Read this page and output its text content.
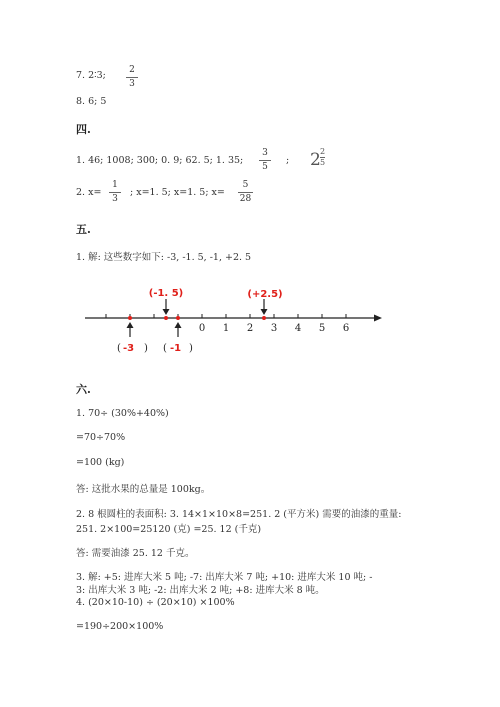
7. 2∶3;	2
3
8. 6; 5
四.
1. 46; 1008; 300; 0. 9; 62. 5; 1. 35;
3
5
; 2 2
5
2. x=
1
3
; x=1. 5; x=1. 5; x=
5
28
五.
1. 解: 这些数字如下: -3, -1. 5, -1, +2. 5
0 1 2 3 4 5 6
(-1. 5)	(+2.5)
( -3 ) ( -1 )
六.
1. 70÷ (30%+40%)
=70÷70%
=100 (kg)
答: 这批水果的总量是 100kg。
2. 8 根圆柱的表面积: 3. 14×1×10×8=251. 2 (平方米) 需要的油漆的重量:
251. 2×100=25120 (克) =25. 12 (千克)
答: 需要油漆 25. 12 千克。
3. 解: +5: 进库大米 5 吨; -7: 出库大米 7 吨; +10: 进库大米 10 吨; -
3: 出库大米 3 吨; -2: 出库大米 2 吨; +8: 进库大米 8 吨。
4. (20×10-10) ÷ (20×10) ×100%
=190÷200×100%
